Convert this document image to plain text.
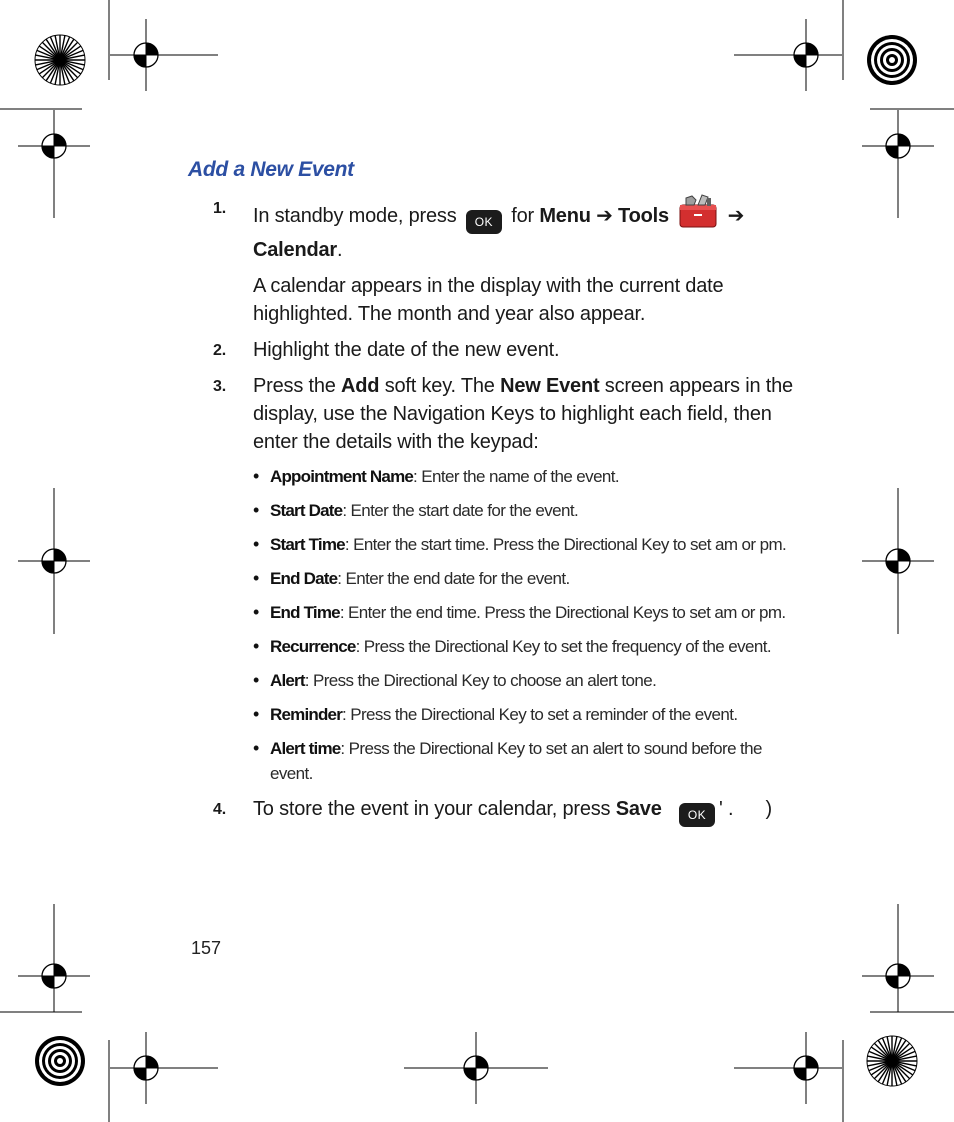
Add a New Event
1. In standby mode, press OK for Menu ➔ Tools	➔ Calendar.

A calendar appears in the display with the current date highlighted. The month and year also appear.

2. Highlight the date of the new event.

3. Press the Add soft key. The New Event screen appears in the display, use the Navigation Keys to highlight each field, then enter the details with the keypad:

• Appointment Name: Enter the name of the event.
• Start Date: Enter the start date for the event.
• Start Time: Enter the start time. Press the Directional Key to set am or pm.
• End Date: Enter the end date for the event.
• End Time: Enter the end time. Press the Directional Keys to set am or pm.
• Recurrence: Press the Directional Key to set the frequency of the event.
• Alert: Press the Directional Key to choose an alert tone.
• Reminder: Press the Directional Key to set a reminder of the event.
• Alert time: Press the Directional Key to set an alert to sound before the event.
4. To store the event in your calendar, press Save OK ' .      )

157
